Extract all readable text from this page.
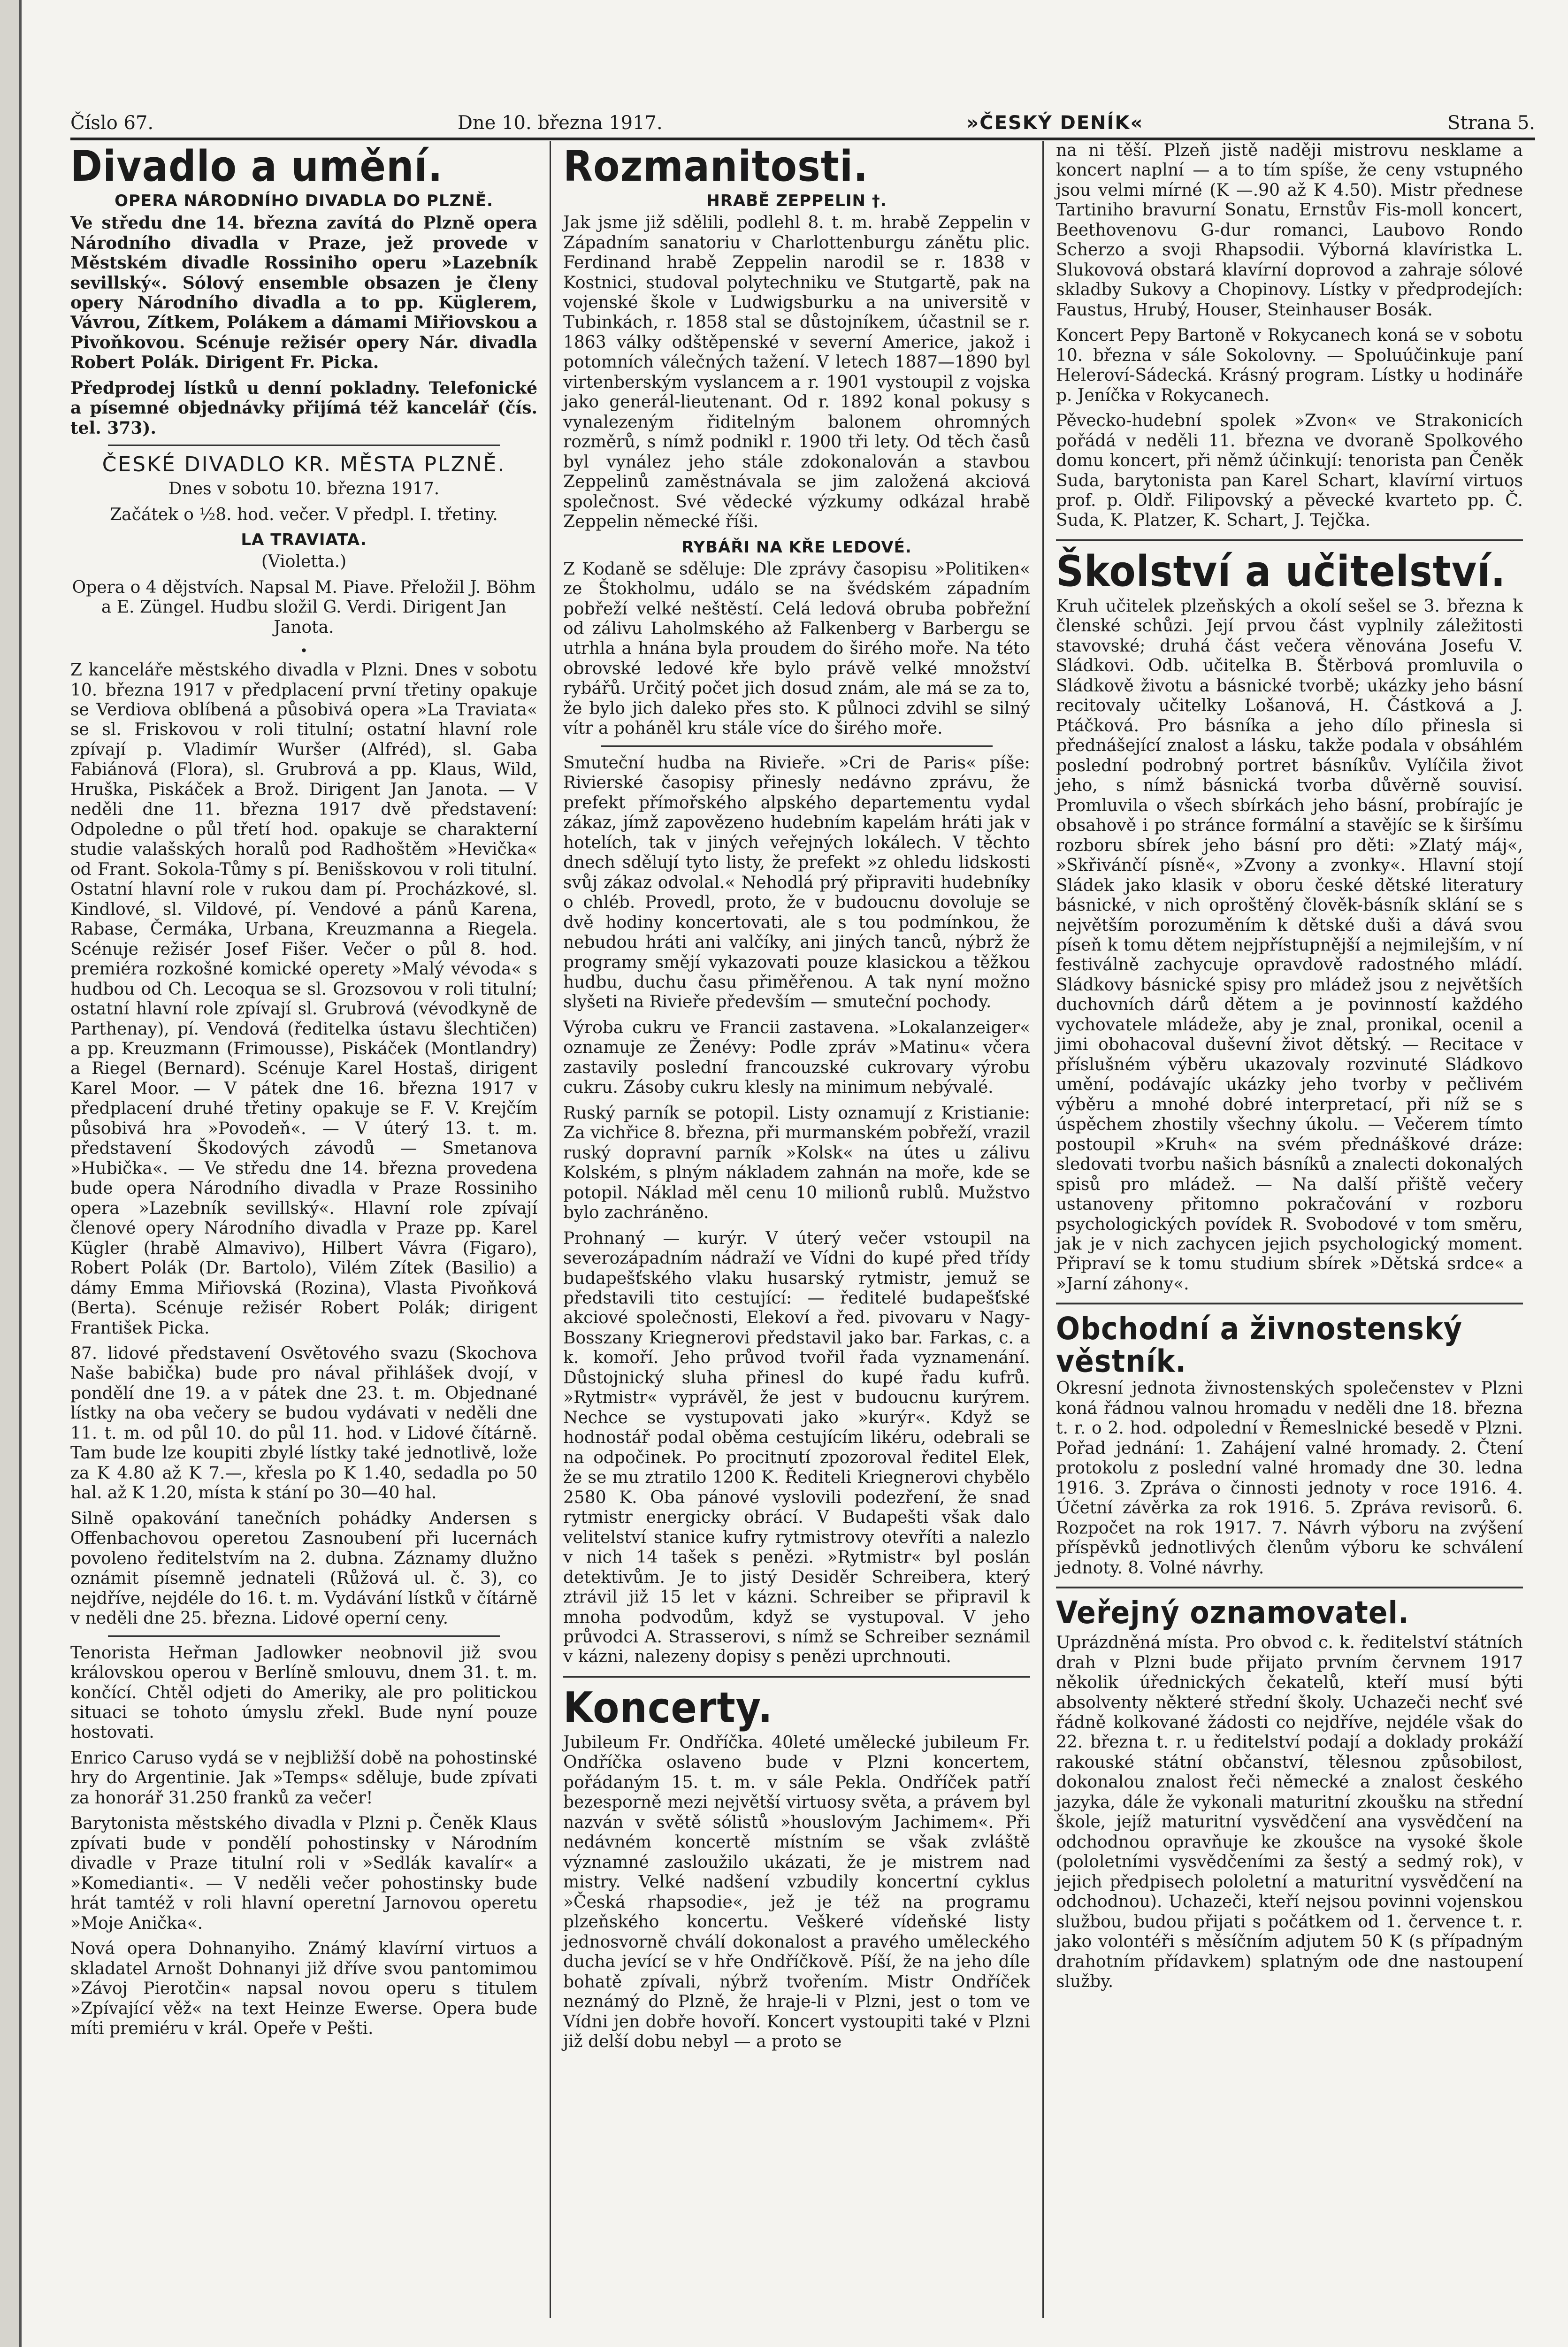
Číslo 67.	Dne 10. března 1917.	»ČESKÝ DENÍK«	Strana 5.
Divadlo a umění.
OPERA NÁRODNÍHO DIVADLA DO PLZNĚ.

Ve středu dne 14. března zavítá do Plzně opera Národního divadla v Praze, jež provede v Městském divadle Rossiniho operu »Lazebník sevillský«. Sólový ensemble obsazen je členy opery Národního divadla a to pp. Küglerem, Vávrou, Zítkem, Polákem a dámami Miřiovskou a Pivoňkovou. Scénuje režisér opery Nár. divadla Robert Polák. Dirigent Fr. Picka.

Předprodej lístků u denní pokladny. Telefonické a písemné objednávky přijímá též kancelář (čís. tel. 373).

ČESKÉ DIVADLO KR. MĚSTA PLZNĚ.

Dnes v sobotu 10. března 1917.

Začátek o ½8. hod. večer. V předpl. I. třetiny.

LA TRAVIATA.

(Violetta.)

Opera o 4 dějstvích. Napsal M. Piave. Přeložil J. Böhm a E. Züngel. Hudbu složil G. Verdi. Dirigent Jan Janota.

•

Z kanceláře městského divadla v Plzni. Dnes v sobotu 10. března 1917 v předplacení první třetiny opakuje se Verdiova oblíbená a působivá opera »La Traviata« se sl. Friskovou v roli titulní; ostatní hlavní role zpívají p. Vladimír Wuršer (Alfréd), sl. Gaba Fabiánová (Flora), sl. Grubrová a pp. Klaus, Wild, Hruška, Piskáček a Brož. Dirigent Jan Janota. — V neděli dne 11. března 1917 dvě představení: Odpoledne o půl třetí hod. opakuje se charakterní studie valašských horalů pod Radhoštěm »Hevička« od Frant. Sokola-Tůmy s pí. Benišskovou v roli titulní. Ostatní hlavní role v rukou dam pí. Procházkové, sl. Kindlové, sl. Vildové, pí. Vendové a pánů Karena, Rabase, Čermáka, Urbana, Kreuzmanna a Riegela. Scénuje režisér Josef Fišer. Večer o půl 8. hod. premiéra rozkošné komické operety »Malý vévoda« s hudbou od Ch. Lecoqua se sl. Grozsovou v roli titulní; ostatní hlavní role zpívají sl. Grubrová (vévodkyně de Parthenay), pí. Vendová (ředitelka ústavu šlechtičen) a pp. Kreuzmann (Frimousse), Piskáček (Montlandry) a Riegel (Bernard). Scénuje Karel Hostaš, dirigent Karel Moor. — V pátek dne 16. března 1917 v předplacení druhé třetiny opakuje se F. V. Krejčím působivá hra »Povodeň«. — V úterý 13. t. m. představení Škodových závodů — Smetanova »Hubička«. — Ve středu dne 14. března provedena bude opera Národního divadla v Praze Rossiniho opera »Lazebník sevillský«. Hlavní role zpívají členové opery Národního divadla v Praze pp. Karel Kügler (hrabě Almavivo), Hilbert Vávra (Figaro), Robert Polák (Dr. Bartolo), Vilém Zítek (Basilio) a dámy Emma Miřiovská (Rozina), Vlasta Pivoňková (Berta). Scénuje režisér Robert Polák; dirigent František Picka.

87. lidové představení Osvětového svazu (Skochova Naše babička) bude pro nával přihlášek dvojí, v pondělí dne 19. a v pátek dne 23. t. m. Objednané lístky na oba večery se budou vydávati v neděli dne 11. t. m. od půl 10. do půl 11. hod. v Lidové čítárně. Tam bude lze koupiti zbylé lístky také jednotlivě, lože za K 4.80 až K 7.—, křesla po K 1.40, sedadla po 50 hal. až K 1.20, místa k stání po 30—40 hal.

Silně opakování tanečních pohádky Andersen s Offenbachovou operetou Zasnoubení při lucernách povoleno ředitelstvím na 2. dubna. Záznamy dlužno oznámit písemně jednateli (Růžová ul. č. 3), co nejdříve, nejdéle do 16. t. m. Vydávání lístků v čítárně v neděli dne 25. března. Lidové operní ceny.

Tenorista Heřman Jadlowker neobnovil již svou královskou operou v Berlíně smlouvu, dnem 31. t. m. končící. Chtěl odjeti do Ameriky, ale pro politickou situaci se tohoto úmyslu zřekl. Bude nyní pouze hostovati.

Enrico Caruso vydá se v nejbližší době na pohostinské hry do Argentinie. Jak »Temps« sděluje, bude zpívati za honorář 31.250 franků za večer!

Barytonista městského divadla v Plzni p. Čeněk Klaus zpívati bude v pondělí pohostinsky v Národním divadle v Praze titulní roli v »Sedlák kavalír« a »Komedianti«. — V neděli večer pohostinsky bude hrát tamtéž v roli hlavní operetní Jarnovou operetu »Moje Anička«.

Nová opera Dohnanyiho. Známý klavírní virtuos a skladatel Arnošt Dohnanyi již dříve svou pantomimou »Závoj Pierotčin« napsal novou operu s titulem »Zpívající věž« na text Heinze Ewerse. Opera bude míti premiéru v král. Opeře v Pešti.

Rozmanitosti.
HRABĚ ZEPPELIN †.

Jak jsme již sdělili, podlehl 8. t. m. hrabě Zeppelin v Západním sanatoriu v Charlottenburgu zánětu plic. Ferdinand hrabě Zeppelin narodil se r. 1838 v Kostnici, studoval polytechniku ve Stutgartě, pak na vojenské škole v Ludwigsburku a na universitě v Tubinkách, r. 1858 stal se důstojníkem, účastnil se r. 1863 války odštěpenské v severní Americe, jakož i potomních válečných tažení. V letech 1887—1890 byl virtenberským vyslancem a r. 1901 vystoupil z vojska jako generál-lieutenant. Od r. 1892 konal pokusy s vynalezeným řiditelným balonem ohromných rozměrů, s nímž podnikl r. 1900 tři lety. Od těch časů byl vynález jeho stále zdokonalován a stavbou Zeppelinů zaměstnávala se jim založená akciová společnost. Své vědecké výzkumy odkázal hrabě Zeppelin německé říši.

RYBÁŘI NA KŘE LEDOVÉ.

Z Kodaně se sděluje: Dle zprávy časopisu »Politiken« ze Štokholmu, událo se na švédském západním pobřeží velké neštěstí. Celá ledová obruba pobřežní od zálivu Laholmského až Falkenberg v Barbergu se utrhla a hnána byla proudem do širého moře. Na této obrovské ledové kře bylo právě velké množství rybářů. Určitý počet jich dosud znám, ale má se za to, že bylo jich daleko přes sto. K půlnoci zdvihl se silný vítr a poháněl kru stále více do širého moře.

Smuteční hudba na Rivieře. »Cri de Paris« píše: Rivierské časopisy přinesly nedávno zprávu, že prefekt přímořského alpského departementu vydal zákaz, jímž zapovězeno hudebním kapelám hráti jak v hotelích, tak v jiných veřejných lokálech. V těchto dnech sdělují tyto listy, že prefekt »z ohledu lidskosti svůj zákaz odvolal.« Nehodlá prý připraviti hudebníky o chléb. Provedl, proto, že v budoucnu dovoluje se dvě hodiny koncertovati, ale s tou podmínkou, že nebudou hráti ani valčíky, ani jiných tanců, nýbrž že programy smějí vykazovati pouze klasickou a těžkou hudbu, duchu času přiměřenou. A tak nyní možno slyšeti na Rivieře především — smuteční pochody.

Výroba cukru ve Francii zastavena. »Lokalanzeiger« oznamuje ze Ženévy: Podle zpráv »Matinu« včera zastavily poslední francouzské cukrovary výrobu cukru. Zásoby cukru klesly na minimum nebývalé.

Ruský parník se potopil. Listy oznamují z Kristianie: Za vichřice 8. března, při murmanském pobřeží, vrazil ruský dopravní parník »Kolsk« na útes u zálivu Kolském, s plným nákladem zahnán na moře, kde se potopil. Náklad měl cenu 10 milionů rublů. Mužstvo bylo zachráněno.

Prohnaný — kurýr. V úterý večer vstoupil na severozápadním nádraží ve Vídni do kupé před třídy budapešťského vlaku husarský rytmistr, jemuž se představili tito cestující: — ředitelé budapešťské akciové společnosti, Elekoví a řed. pivovaru v Nagy-Bosszany Kriegnerovi představil jako bar. Farkas, c. a k. komoří. Jeho průvod tvořil řada vyznamenání. Důstojnický sluha přinesl do kupé řadu kufrů. »Rytmistr« vyprávěl, že jest v budoucnu kurýrem. Nechce se vystupovati jako »kurýr«. Když se hodnostář podal oběma cestujícím likéru, odebrali se na odpočinek. Po procitnutí zpozoroval ředitel Elek, že se mu ztratilo 1200 K. Řediteli Kriegnerovi chybělo 2580 K. Oba pánové vyslovili podezření, že snad rytmistr energicky obrácí. V Budapešti však dalo velitelství stanice kufry rytmistrovy otevříti a nalezlo v nich 14 tašek s penězi. »Rytmistr« byl poslán detektivům. Je to jistý Desiděr Schreibera, který ztrávil již 15 let v kázni. Schreiber se připravil k mnoha podvodům, když se vystupoval. V jeho průvodci A. Strasserovi, s nímž se Schreiber seznámil v kázni, nalezeny dopisy s penězi uprchnouti.

Koncerty.

Jubileum Fr. Ondříčka. 40leté umělecké jubileum Fr. Ondříčka oslaveno bude v Plzni koncertem, pořádaným 15. t. m. v sále Pekla. Ondříček patří bezesporně mezi největší virtuosy světa, a právem byl nazván v světě sólistů »houslovým Jachimem«. Při nedávném koncertě místním se však zvláště významné zasloužilo ukázati, že je mistrem nad mistry. Velké nadšení vzbudily koncertní cyklus »Česká rhapsodie«, jež je též na programu plzeňského koncertu. Veškeré vídeňské listy jednosvorně chválí dokonalost a pravého uměleckého ducha jevící se v hře Ondříčkově. Píší, že na jeho díle bohatě zpívali, nýbrž tvořením. Mistr Ondříček neznámý do Plzně, že hraje-li v Plzni, jest o tom ve Vídni jen dobře hovoří. Koncert vystoupiti také v Plzni již delší dobu nebyl — a proto se

na ni těší. Plzeň jistě naději mistrovu nesklame a koncert naplní — a to tím spíše, že ceny vstupného jsou velmi mírné (K —.90 až K 4.50). Mistr přednese Tartiniho bravurní Sonatu, Ernstův Fis-moll koncert, Beethovenovu G-dur romanci, Laubovo Rondo Scherzo a svoji Rhapsodii. Výborná klavíristka L. Slukovová obstará klavírní doprovod a zahraje sólové skladby Sukovy a Chopinovy. Lístky v předprodejích: Faustus, Hrubý, Houser, Steinhauser Bosák.

Koncert Pepy Bartoně v Rokycanech koná se v sobotu 10. března v sále Sokolovny. — Spoluúčinkuje paní Heleroví-Sádecká. Krásný program. Lístky u hodináře p. Jeníčka v Rokycanech.

Pěvecko-hudební spolek »Zvon« ve Strakonicích pořádá v neděli 11. března ve dvoraně Spolkového domu koncert, při němž účinkují: tenorista pan Čeněk Suda, barytonista pan Karel Schart, klavírní virtuos prof. p. Oldř. Filipovský a pěvecké kvarteto pp. Č. Suda, K. Platzer, K. Schart, J. Tejčka.

Školství a učitelství.

Kruh učitelek plzeňských a okolí sešel se 3. března k členské schůzi. Její prvou část vyplnily záležitosti stavovské; druhá část večera věnována Josefu V. Sládkovi. Odb. učitelka B. Štěrbová promluvila o Sládkově životu a básnické tvorbě; ukázky jeho básní recitovaly učitelky Lošanová, H. Částková a J. Ptáčková. Pro básníka a jeho dílo přinesla si přednášející znalost a lásku, takže podala v obsáhlém poslední podrobný portret básníkův. Vylíčila život jeho, s nímž básnická tvorba důvěrně souvisí. Promluvila o všech sbírkách jeho básní, probírajíc je obsahově i po stránce formální a stavějíc se k širšímu rozboru sbírek jeho básní pro děti: »Zlatý máj«, »Skřivánčí písně«, »Zvony a zvonky«. Hlavní stojí Sládek jako klasik v oboru české dětské literatury básnické, v nich oproštěný člověk-básník sklání se s největším porozuměním k dětské duši a dává svou píseň k tomu dětem nejpřístupnější a nejmilejším, v ní festiválně zachycuje opravdově radostného mládí. Sládkovy básnické spisy pro mládež jsou z největších duchovních dárů dětem a je povinností každého vychovatele mládeže, aby je znal, pronikal, ocenil a jimi obohacoval duševní život dětský. — Recitace v příslušném výběru ukazovaly rozvinuté Sládkovo umění, podávajíc ukázky jeho tvorby v pečlivém výběru a mnohé dobré interpretací, při níž se s úspěchem zhostily všechny úkolu. — Večerem tímto postoupil »Kruh« na svém přednáškové dráze: sledovati tvorbu našich básníků a znalecti dokonalých spisů pro mládež. — Na další přiště večery ustanoveny přitomno pokračování v rozboru psychologických povídek R. Svobodové v tom směru, jak je v nich zachycen jejich psychologický moment. Připraví se k tomu studium sbírek »Dětská srdce« a »Jarní záhony«.

Obchodní a živnostenský věstník.

Okresní jednota živnostenských společenstev v Plzni koná řádnou valnou hromadu v neděli dne 18. března t. r. o 2. hod. odpolední v Řemeslnické besedě v Plzni. Pořad jednání: 1. Zahájení valné hromady. 2. Čtení protokolu z poslední valné hromady dne 30. ledna 1916. 3. Zpráva o činnosti jednoty v roce 1916. 4. Účetní závěrka za rok 1916. 5. Zpráva revisorů. 6. Rozpočet na rok 1917. 7. Návrh výboru na zvýšení příspěvků jednotlivých členům výboru ke schválení jednoty. 8. Volné návrhy.

Veřejný oznamovatel.

Uprázdněná místa. Pro obvod c. k. ředitelství státních drah v Plzni bude přijato prvním červnem 1917 několik úřednických čekatelů, kteří musí býti absolventy některé střední školy. Uchazeči nechť své řádně kolkované žádosti co nejdříve, nejdéle však do 22. března t. r. u ředitelství podají a doklady prokáží rakouské státní občanství, tělesnou způsobilost, dokonalou znalost řeči německé a znalost českého jazyka, dále že vykonali maturitní zkoušku na střední škole, jejíž maturitní vysvědčení ana vysvědčení na odchodnou opravňuje ke zkoušce na vysoké škole (pololetními vysvědčeními za šestý a sedmý rok), v jejich předpisech pololetní a maturitní vysvědčení na odchodnou). Uchazeči, kteří nejsou povinni vojenskou službou, budou přijati s počátkem od 1. července t. r. jako volontéři s měsíčním adjutem 50 K (s případným drahotním přídavkem) splatným ode dne nastoupení služby.
